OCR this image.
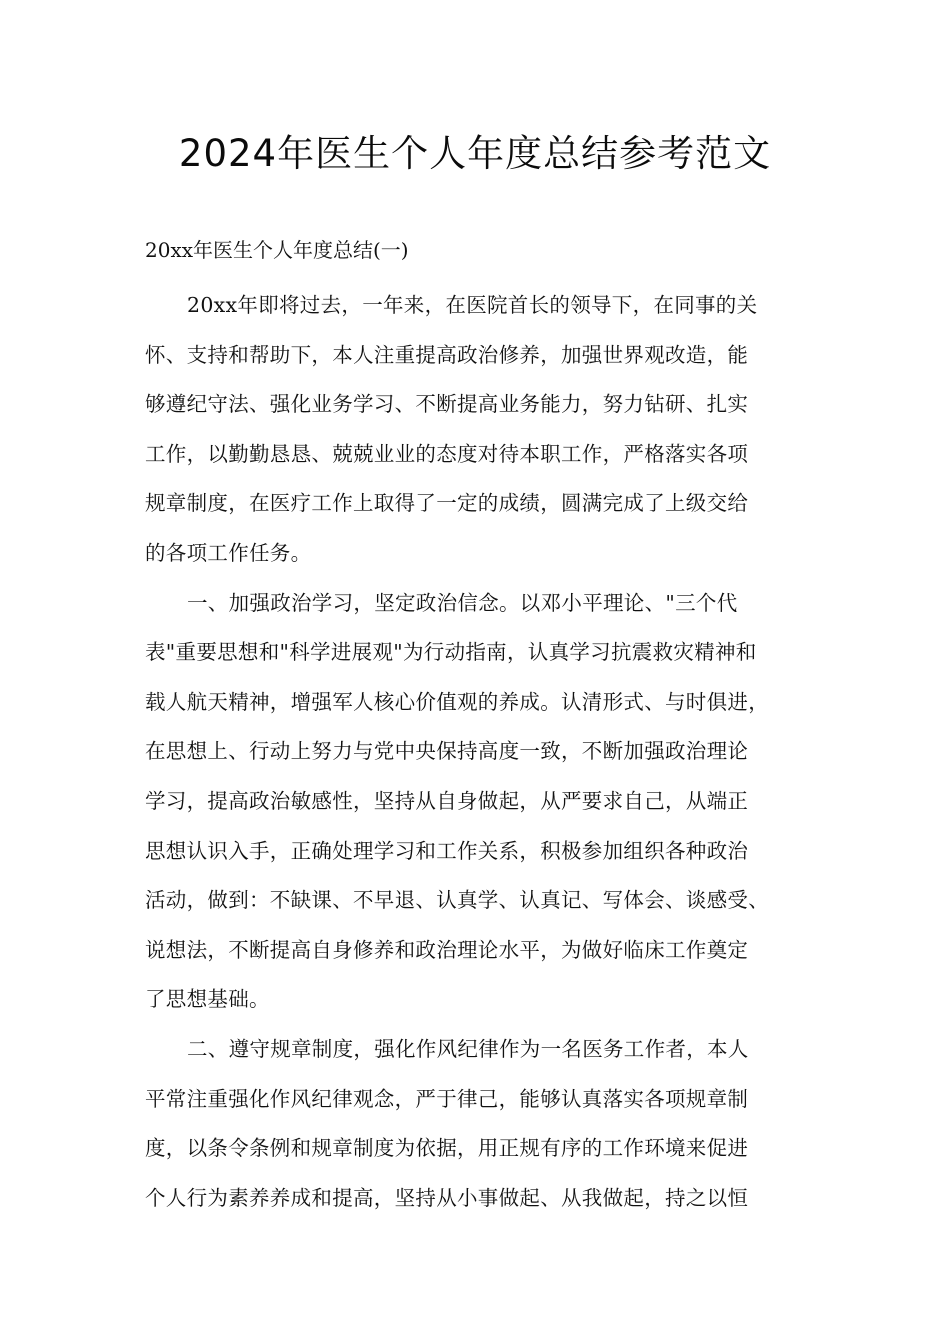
2024年医生个人年度总结参考范文

20xx年医生个人年度总结(一)

20xx年即将过去，一年来，在医院首长的领导下，在同事的关
怀、支持和帮助下，本人注重提高政治修养，加强世界观改造，能
够遵纪守法、强化业务学习、不断提高业务能力，努力钻研、扎实
工作，以勤勤恳恳、兢兢业业的态度对待本职工作，严格落实各项
规章制度，在医疗工作上取得了一定的成绩，圆满完成了上级交给
的各项工作任务。
一、加强政治学习，坚定政治信念。以邓小平理论、"三个代
表"重要思想和"科学进展观"为行动指南，认真学习抗震救灾精神和
载人航天精神，增强军人核心价值观的养成。认清形式、与时俱进，
在思想上、行动上努力与党中央保持高度一致，不断加强政治理论
学习，提高政治敏感性，坚持从自身做起，从严要求自己，从端正
思想认识入手，正确处理学习和工作关系，积极参加组织各种政治
活动，做到：不缺课、不早退、认真学、认真记、写体会、谈感受、
说想法，不断提高自身修养和政治理论水平，为做好临床工作奠定
了思想基础。
二、遵守规章制度，强化作风纪律作为一名医务工作者，本人
平常注重强化作风纪律观念，严于律己，能够认真落实各项规章制
度，以条令条例和规章制度为依据，用正规有序的工作环境来促进
个人行为素养养成和提高，坚持从小事做起、从我做起，持之以恒
